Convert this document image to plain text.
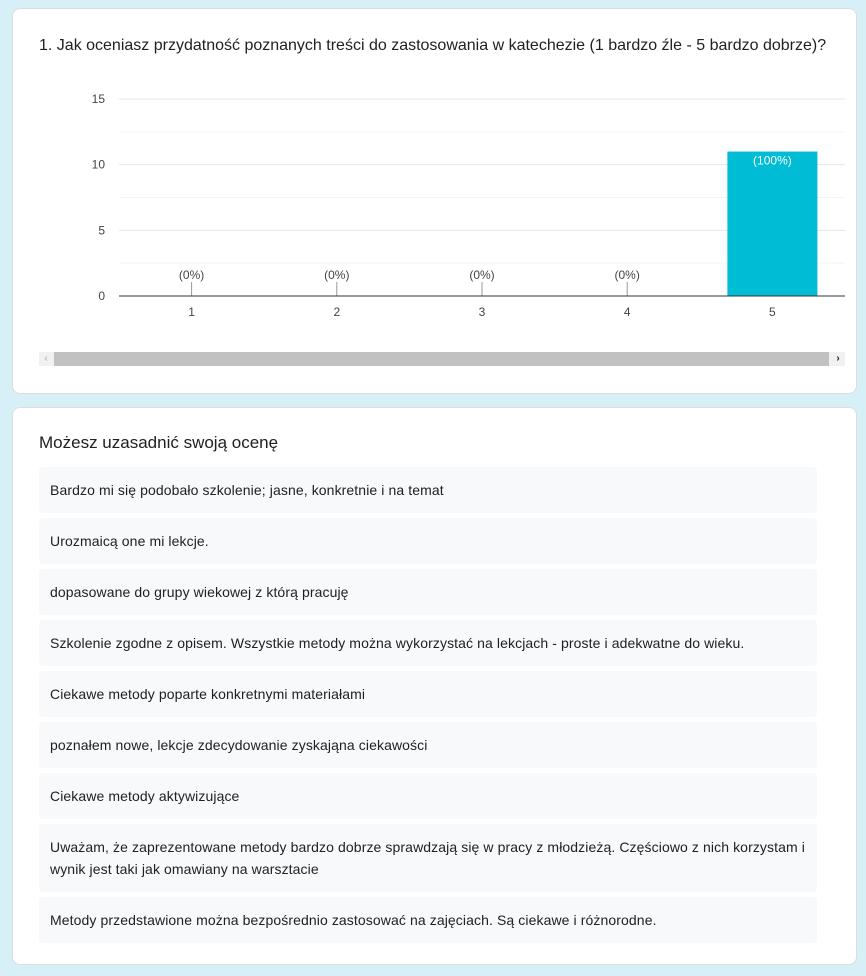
1. Jak oceniasz przydatność poznanych treści do zastosowania w katechezie (1 bardzo źle - 5 bardzo dobrze)?
0
5
10
15
(0%)
1
(0%)
2
(0%)
3
(0%)
4
(100%)
5
‹	›
Możesz uzasadnić swoją ocenę
Bardzo mi się podobało szkolenie; jasne, konkretnie i na temat
Urozmaicą one mi lekcje.
dopasowane do grupy wiekowej z którą pracuję
Szkolenie zgodne z opisem. Wszystkie metody można wykorzystać na lekcjach - proste i adekwatne do wieku.
Ciekawe metody poparte konkretnymi materiałami
poznałem nowe, lekcje zdecydowanie zyskająna ciekawości
Ciekawe metody aktywizujące
Uważam, że zaprezentowane metody bardzo dobrze sprawdzają się w pracy z młodzieżą. Częściowo z nich korzystam i wynik jest taki jak omawiany na warsztacie
Metody przedstawione można bezpośrednio zastosować na zajęciach. Są ciekawe i różnorodne.
